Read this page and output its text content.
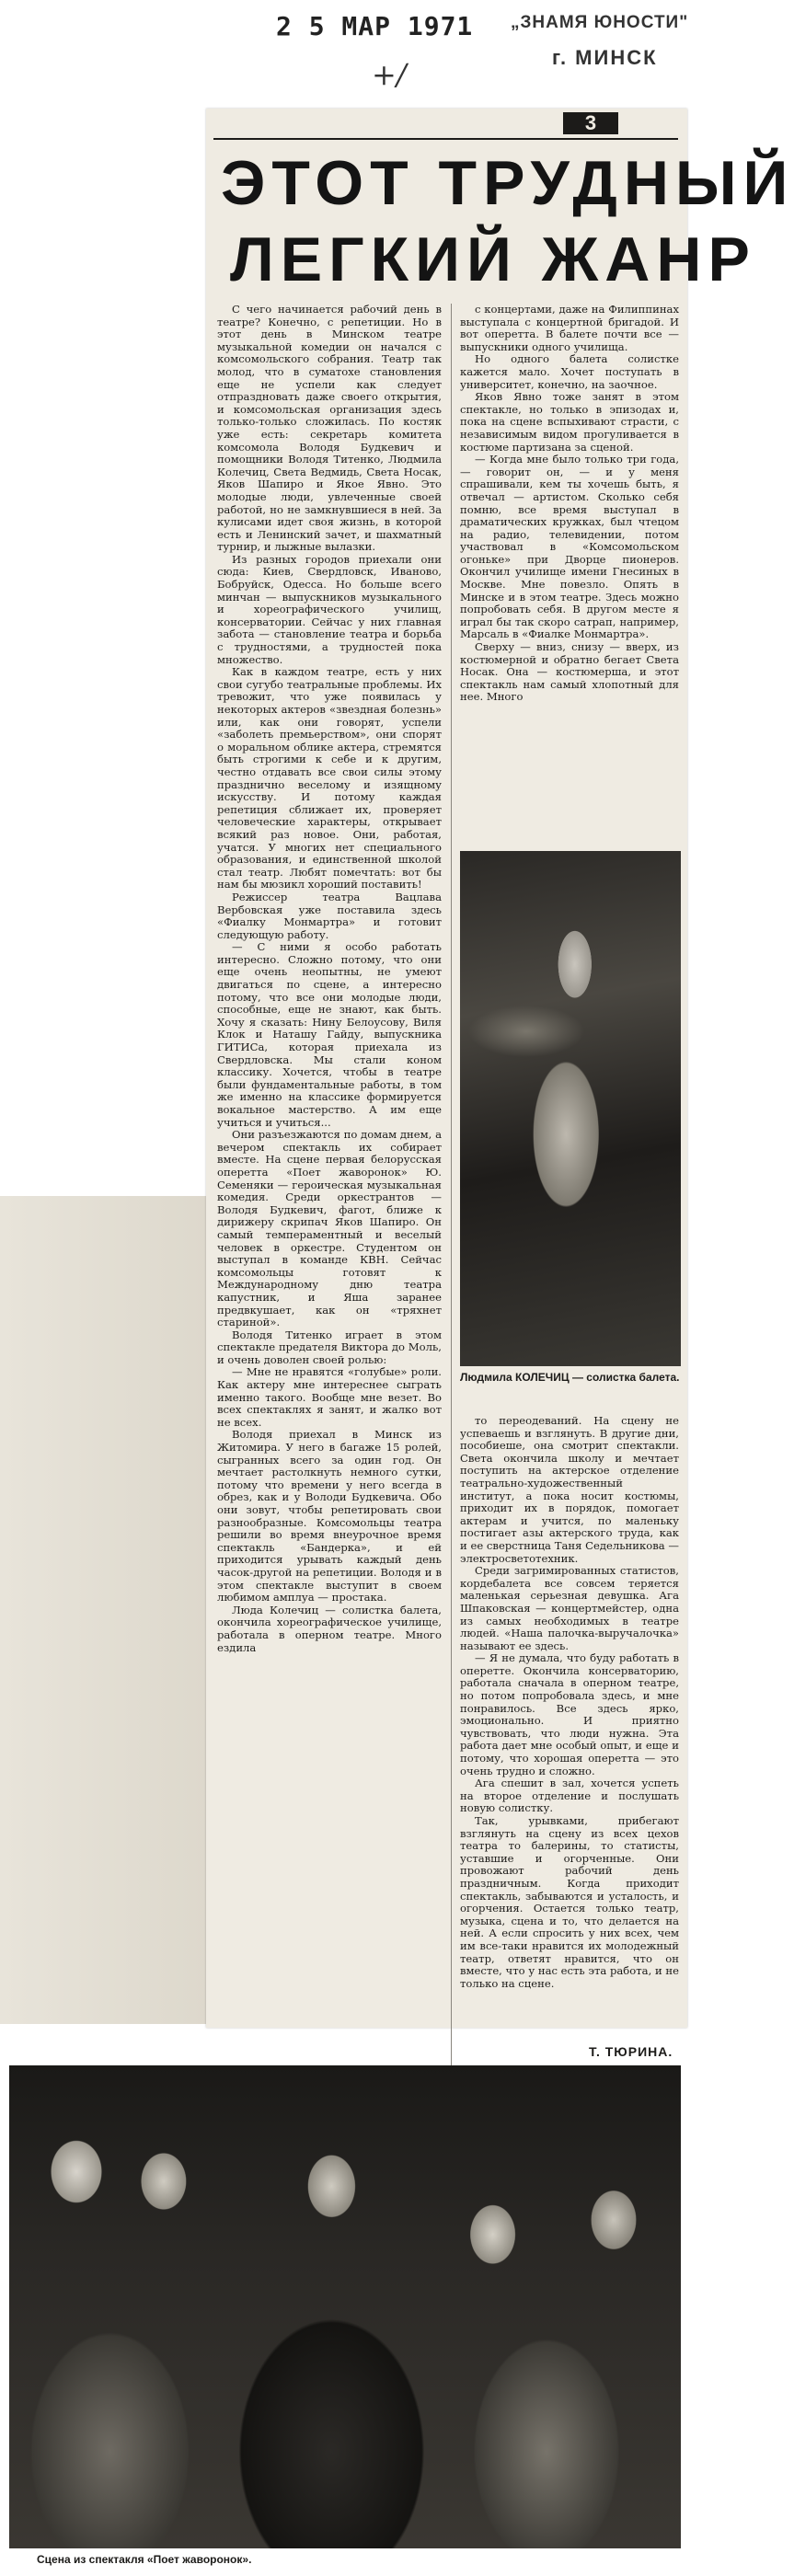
2 5 МАР 1971 „ЗНАМЯ ЮНОСТИ"
г. МИНСК
+/
3
ЭТОТ ТРУДНЫЙ
ЛЕГКИЙ ЖАНР

С чего начинается рабочий день в театре? Конечно, с репетиции. Но в этот день в Минском театре музыкальной комедии он начался с комсомольского собрания. Театр так молод, что в суматохе становления еще не успели как следует отпраздновать даже своего открытия, и комсомольская организация здесь только-только сложилась. По костяк уже есть: секретарь комитета комсомола Володя Будкевич и помощники Володя Титенко, Людмила Колечиц, Света Ведмидь, Света Носак, Яков Шапиро и Якое Явно. Это молодые люди, увлеченные своей работой, но не замкнувшиеся в ней. За кулисами идет своя жизнь, в которой есть и Ленинский зачет, и шахматный турнир, и лыжные вылазки.

Из разных городов приехали они сюда: Киев, Свердловск, Иваново, Бобруйск, Одесса. Но больше всего минчан — выпускников музыкального и хореографического училищ, консерватории. Сейчас у них главная забота — становление театра и борьба с трудностями, а трудностей пока множество.

Как в каждом театре, есть у них свои сугубо театральные проблемы. Их тревожит, что уже появилась у некоторых актеров «звездная болезнь» или, как они говорят, успели «заболеть премьерством», они спорят о моральном облике актера, стремятся быть строгими к себе и к другим, честно отдавать все свои силы этому празднично веселому и изящному искусству. И потому каждая репетиция сближает их, проверяет человеческие характеры, открывает всякий раз новое. Они, работая, учатся. У многих нет специального образования, и единственной школой стал театр. Любят помечтать: вот бы нам бы мюзикл хороший поставить!

Режиссер театра Вацлава Вербовская уже поставила здесь «Фиалку Монмартра» и готовит следующую работу.

— С ними я особо работать интересно. Сложно потому, что они еще очень неопытны, не умеют двигаться по сцене, а интересно потому, что все они молодые люди, способные, еще не знают, как быть. Хочу я сказать: Нину Белоусову, Виля Клок и Наташу Гайду, выпускника ГИТИСа, которая приехала из Свердловска. Мы стали коном классику. Хочется, чтобы в театре были фундаментальные работы, в том же именно на классике формируется вокальное мастерство. А им еще учиться и учиться...

Они разъезжаются по домам днем, а вечером спектакль их собирает вместе. На сцене первая белорусская оперетта «Поет жаворонок» Ю. Семеняки — героическая музыкальная комедия. Среди оркестрантов — Володя Будкевич, фагот, ближе к дирижеру скрипач Яков Шапиро. Он самый темпераментный и веселый человек в оркестре. Студентом он выступал в команде КВН. Сейчас комсомольцы готовят к Международному дню театра капустник, и Яша заранее предвкушает, как он «тряхнет стариной».

Володя Титенко играет в этом спектакле предателя Виктора до Моль, и очень доволен своей ролью:

— Мне не нравятся «голубые» роли. Как актеру мне интереснее сыграть именно такого. Вообще мне везет. Во всех спектаклях я занят, и жалко вот не всех.

Володя приехал в Минск из Житомира. У него в багаже 15 ролей, сыгранных всего за один год. Он мечтает растолкнуть немного сутки, потому что времени у него всегда в обрез, как и у Володи Будкевича. Обо они зовут, чтобы репетировать свои разнообразные. Комсомольцы театра решили во время внеурочное время спектакль «Бандерка», и ей приходится урывать каждый день часок-другой на репетиции. Володя и в этом спектакле выступит в своем любимом амплуа — простака.

Люда Колечиц — солистка балета, окончила хореографическое училище, работала в оперном театре. Много ездила

с концертами, даже на Филиппинах выступала с концертной бригадой. И вот оперетта. В балете почти все — выпускники одного училища.

Но одного балета солистке кажется мало. Хочет поступать в университет, конечно, на заочное.

Яков Явно тоже занят в этом спектакле, но только в эпизодах и, пока на сцене вспыхивают страсти, с независимым видом прогуливается в костюме партизана за сценой.

— Когда мне было только три года, — говорит он, — и у меня спрашивали, кем ты хочешь быть, я отвечал — артистом. Сколько себя помню, все время выступал в драматических кружках, был чтецом на радио, телевидении, потом участвовал в «Комсомольском огоньке» при Дворце пионеров. Окончил училище имени Гнесиных в Москве. Мне повезло. Опять в Минске и в этом театре. Здесь можно попробовать себя. В другом месте я играл бы так скоро сатрап, например, Марсаль в «Фиалке Монмартра».

Сверху — вниз, снизу — вверх, из костюмерной и обратно бегает Света Носак. Она — костюмерша, и этот спектакль нам самый хлопотный для нее. Много

Людмила КОЛЕЧИЦ — солистка балета.

то переодеваний. На сцену не успеваешь и взглянуть. В другие дни, пособиеше, она смотрит спектакли. Света окончила школу и мечтает поступить на актерское отделение театрально-художественный институт, а пока носит костюмы, приходит их в порядок, помогает актерам и учится, по маленьку постигает азы актерского труда, как и ее сверстница Таня Седельникова — электросветотехник.

Среди загримированных статистов, кордебалета все совсем теряется маленькая серьезная девушка. Ага Шпаковская — концертмейстер, одна из самых необходимых в театре людей. «Наша палочка-выручалочка» называют ее здесь.

— Я не думала, что буду работать в оперетте. Окончила консерваторию, работала сначала в оперном театре, но потом попробовала здесь, и мне понравилось. Все здесь ярко, эмоционально. И приятно чувствовать, что люди нужна. Эта работа дает мне особый опыт, и еще и потому, что хорошая оперетта — это очень трудно и сложно.

Ага спешит в зал, хочется успеть на второе отделение и послушать новую солистку.

Так, урывками, прибегают взглянуть на сцену из всех цехов театра то балерины, то статисты, уставшие и огорченные. Они провожают рабочий день праздничным. Когда приходит спектакль, забываются и усталость, и огорчения. Остается только театр, музыка, сцена и то, что делается на ней. А если спросить у них всех, чем им все-таки нравится их молодежный театр, ответят нравится, что он вместе, что у нас есть эта работа, и не только на сцене.

Т. ТЮРИНА.
Сцена из спектакля «Поет жаворонок».
